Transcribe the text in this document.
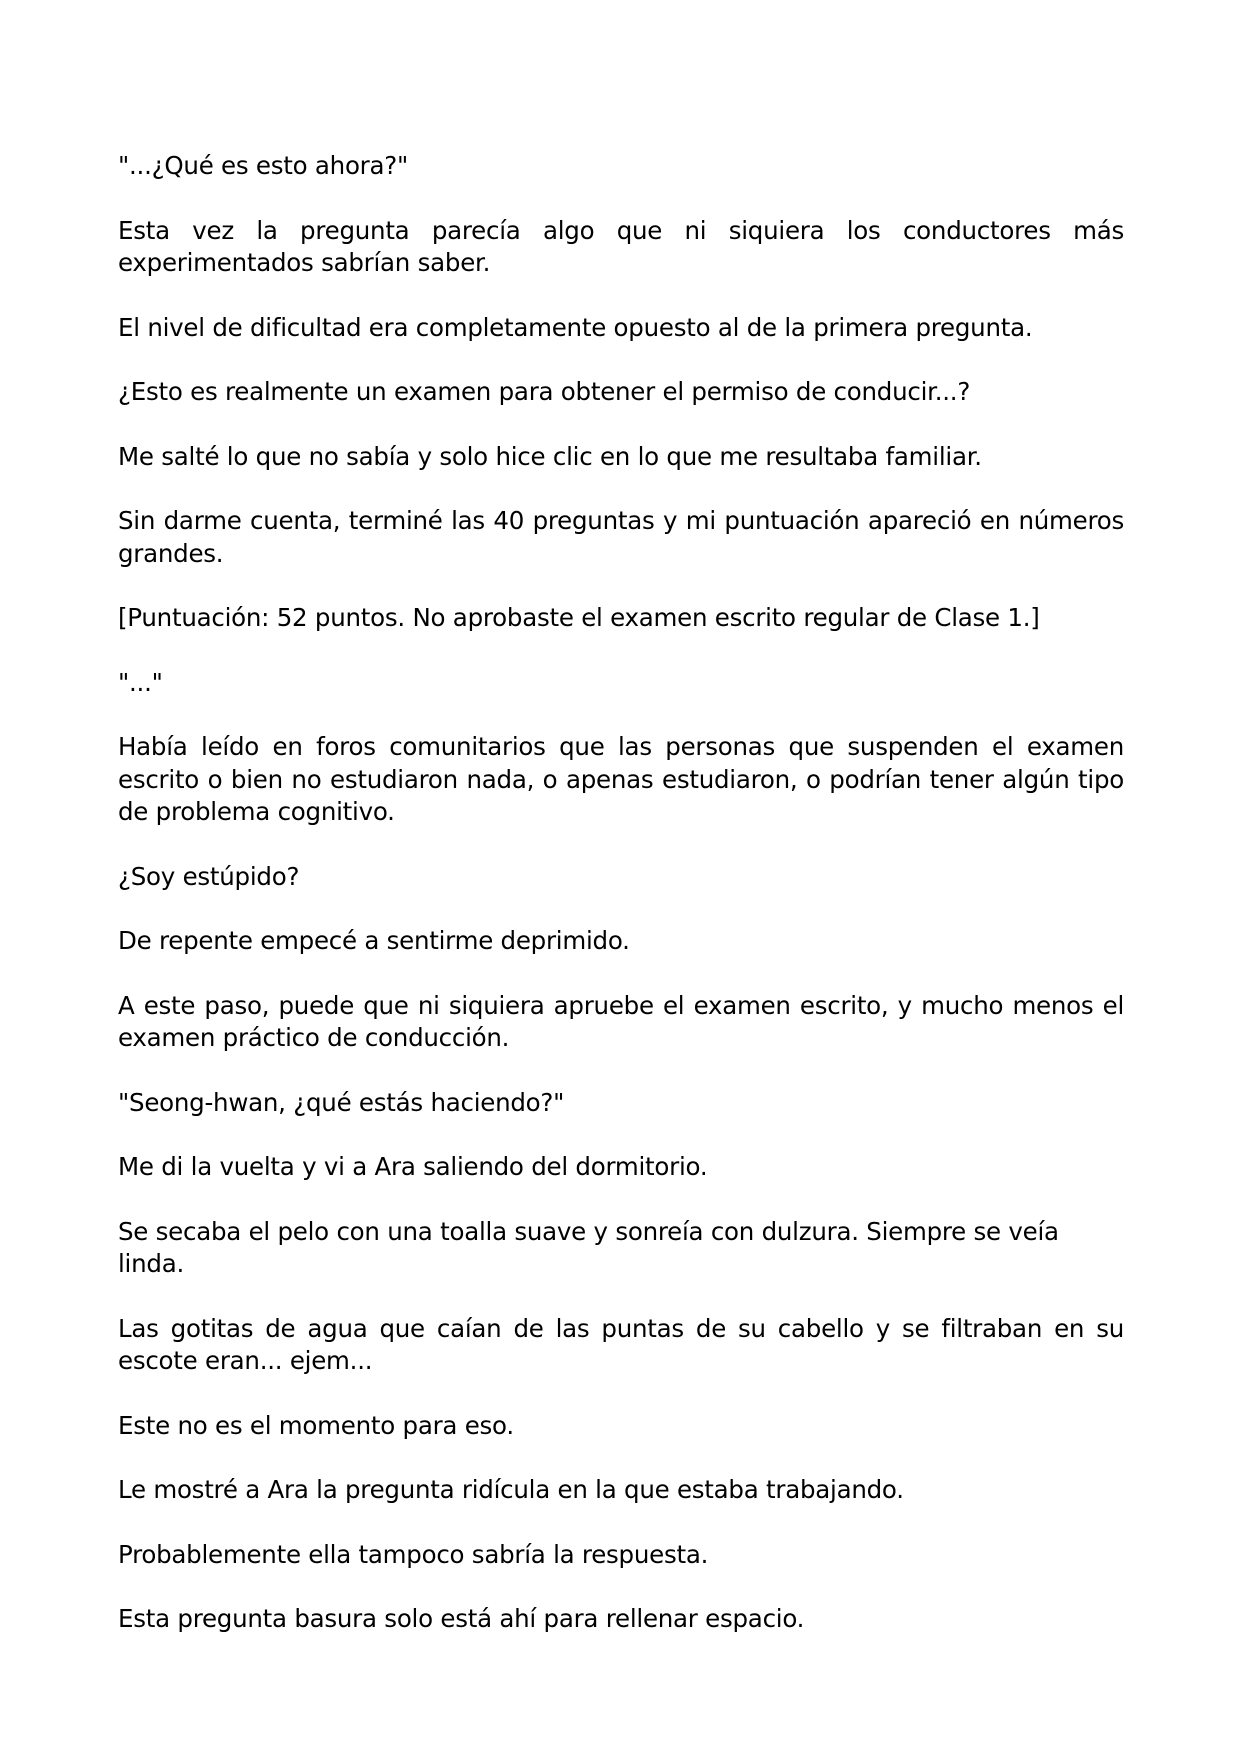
"...¿Qué es esto ahora?"

Esta vez la pregunta parecía algo que ni siquiera los conductores más experimentados sabrían saber.

El nivel de dificultad era completamente opuesto al de la primera pregunta.

¿Esto es realmente un examen para obtener el permiso de conducir...?

Me salté lo que no sabía y solo hice clic en lo que me resultaba familiar.

Sin darme cuenta, terminé las 40 preguntas y mi puntuación apareció en números grandes.

[Puntuación: 52 puntos. No aprobaste el examen escrito regular de Clase 1.]

"..."

Había leído en foros comunitarios que las personas que suspenden el examen escrito o bien no estudiaron nada, o apenas estudiaron, o podrían tener algún tipo de problema cognitivo.

¿Soy estúpido?

De repente empecé a sentirme deprimido.

A este paso, puede que ni siquiera apruebe el examen escrito, y mucho menos el examen práctico de conducción.

"Seong-hwan, ¿qué estás haciendo?"

Me di la vuelta y vi a Ara saliendo del dormitorio.

Se secaba el pelo con una toalla suave y sonreía con dulzura. Siempre se veía linda.

Las gotitas de agua que caían de las puntas de su cabello y se filtraban en su escote eran... ejem...

Este no es el momento para eso.

Le mostré a Ara la pregunta ridícula en la que estaba trabajando.

Probablemente ella tampoco sabría la respuesta.

Esta pregunta basura solo está ahí para rellenar espacio.
